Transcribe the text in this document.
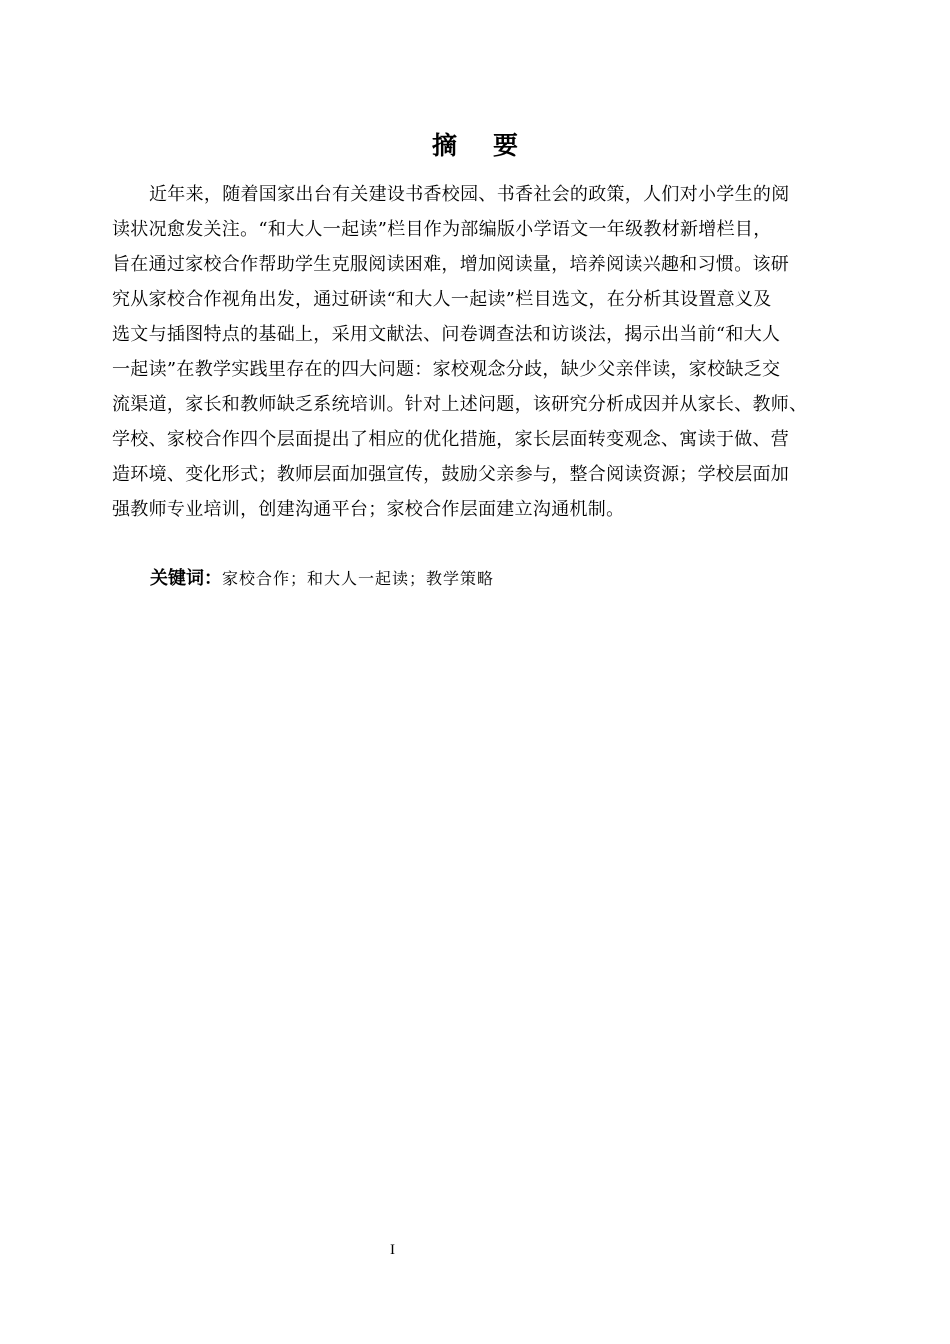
摘 要
近年来，随着国家出台有关建设书香校园、书香社会的政策，人们对小学生的阅
读状况愈发关注。“和大人一起读”栏目作为部编版小学语文一年级教材新增栏目，
旨在通过家校合作帮助学生克服阅读困难，增加阅读量，培养阅读兴趣和习惯。该研
究从家校合作视角出发，通过研读“和大人一起读”栏目选文，在分析其设置意义及
选文与插图特点的基础上，采用文献法、问卷调查法和访谈法，揭示出当前“和大人
一起读”在教学实践里存在的四大问题：家校观念分歧，缺少父亲伴读，家校缺乏交
流渠道，家长和教师缺乏系统培训。针对上述问题，该研究分析成因并从家长、教师、
学校、家校合作四个层面提出了相应的优化措施，家长层面转变观念、寓读于做、营
造环境、变化形式；教师层面加强宣传，鼓励父亲参与，整合阅读资源；学校层面加
强教师专业培训，创建沟通平台；家校合作层面建立沟通机制。
关键词：家校合作；和大人一起读；教学策略
I
